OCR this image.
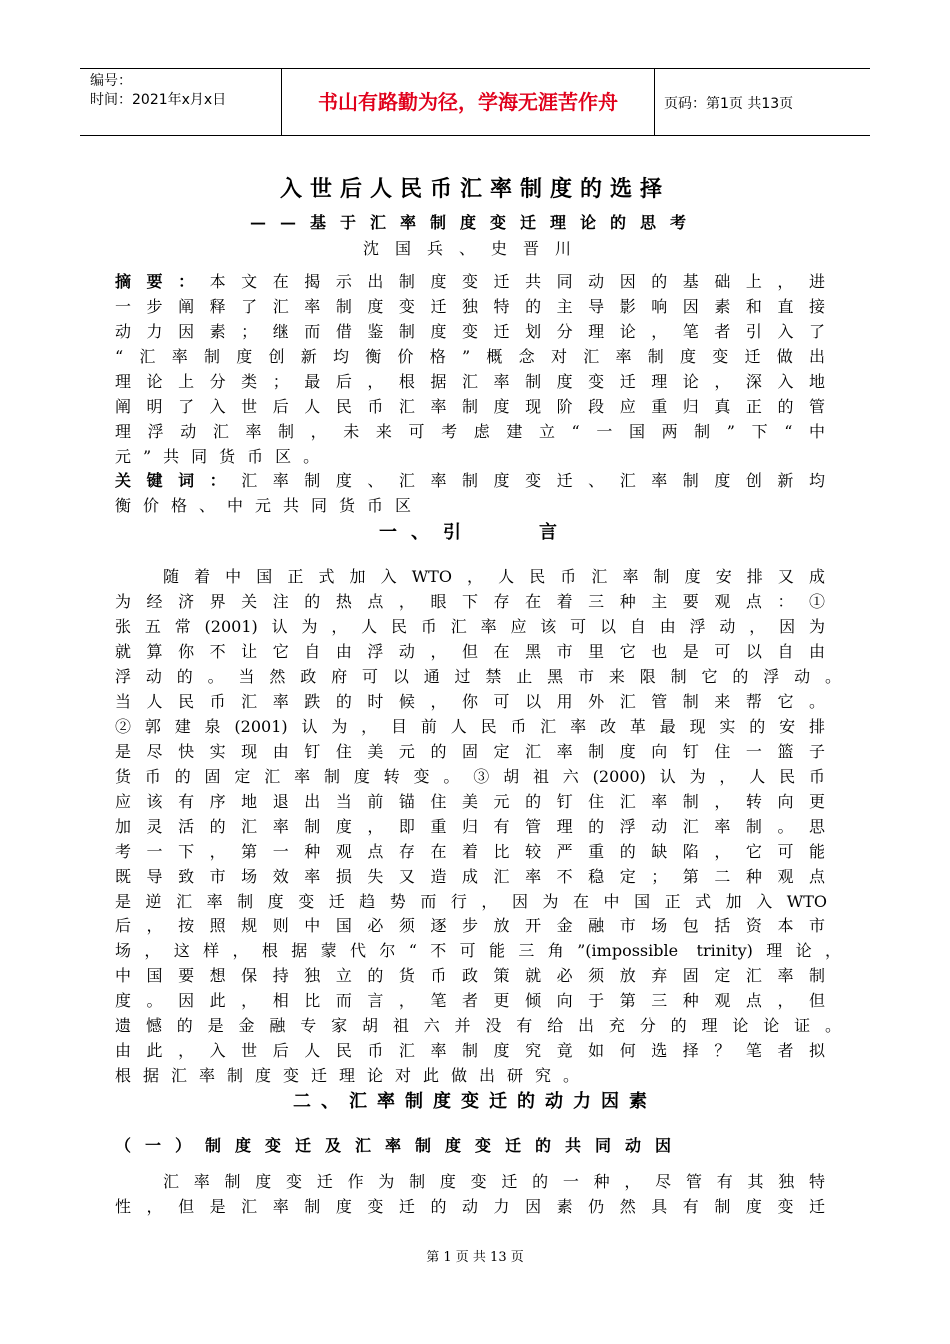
编号：
时间：2021年x月x日	书山有路勤为径，学海无涯苦作舟	页码：第1页 共13页
入世后人民币汇率制度的选择
——基于汇率制度变迁理论的思考
沈国兵、史晋川
摘要：本文在揭示出制度变迁共同动因的基础上，进
一步阐释了汇率制度变迁独特的主导影响因素和直接
动力因素；继而借鉴制度变迁划分理论，笔者引入了
“汇率制度创新均衡价格”概念对汇率制度变迁做出
理论上分类；最后，根据汇率制度变迁理论，深入地
阐明了入世后人民币汇率制度现阶段应重归真正的管
理浮动汇率制，未来可考虑建立“一国两制”下“中
元”共同货币区。
关键词：汇率制度、汇率制度变迁、汇率制度创新均
衡价格、中元共同货币区
一、引　　言
随着中国正式加入WTO，人民币汇率制度安排又成
为经济界关注的热点，眼下存在着三种主要观点：①
张五常(2001)认为，人民币汇率应该可以自由浮动，因为
就算你不让它自由浮动，但在黑市里它也是可以自由
浮动的。当然政府可以通过禁止黑市来限制它的浮动。
当人民币汇率跌的时候，你可以用外汇管制来帮它。
②郭建泉(2001)认为，目前人民币汇率改革最现实的安排
是尽快实现由钉住美元的固定汇率制度向钉住一篮子
货币的固定汇率制度转变。③胡祖六(2000)认为，人民币
应该有序地退出当前锚住美元的钉住汇率制，转向更
加灵活的汇率制度，即重归有管理的浮动汇率制。思
考一下，第一种观点存在着比较严重的缺陷，它可能
既导致市场效率损失又造成汇率不稳定；第二种观点
是逆汇率制度变迁趋势而行，因为在中国正式加入WTO
后，按照规则中国必须逐步放开金融市场包括资本市
场，这样，根据蒙代尔“不可能三角”(impossible trinity)理论，
中国要想保持独立的货币政策就必须放弃固定汇率制
度。因此，相比而言，笔者更倾向于第三种观点，但
遗憾的是金融专家胡祖六并没有给出充分的理论论证。
由此，入世后人民币汇率制度究竟如何选择？笔者拟
根据汇率制度变迁理论对此做出研究。
二、汇率制度变迁的动力因素
（一）制度变迁及汇率制度变迁的共同动因
汇率制度变迁作为制度变迁的一种，尽管有其独特
性，但是汇率制度变迁的动力因素仍然具有制度变迁
第 1 页 共 13 页
